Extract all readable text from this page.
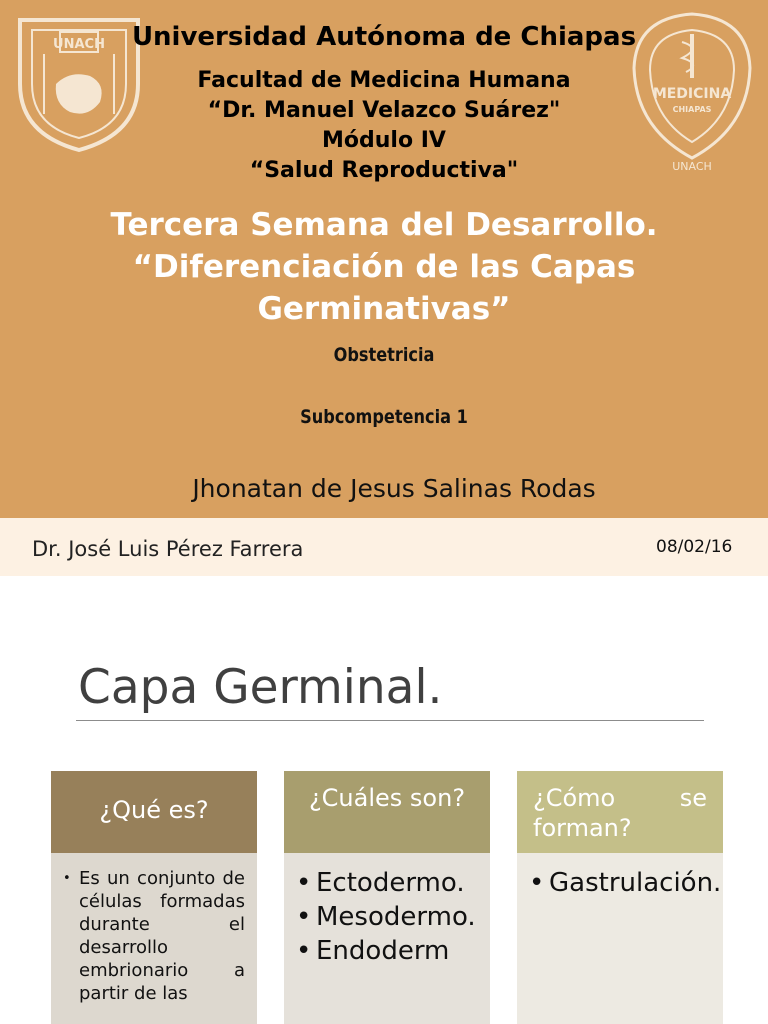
UNACH
MEDICINA
CHIAPAS
UNACH
Universidad Autónoma de Chiapas
Facultad de Medicina Humana
“Dr. Manuel Velazco Suárez"
Módulo IV
“Salud Reproductiva"
Tercera Semana del Desarrollo.
“Diferenciación de las Capas
Germinativas”
Obstetricia
Subcompetencia 1
Jhonatan de Jesus Salinas Rodas
Dr. José Luis Pérez Farrera	08/02/16
Capa Germinal.
¿Qué es?
• Es un conjunto de células formadas durante el desarrollo embrionario a partir de las
¿Cuáles son?
• Ectodermo.
• Mesodermo.
• Endoderm
¿Cómo se forman?
• Gastrulación.
